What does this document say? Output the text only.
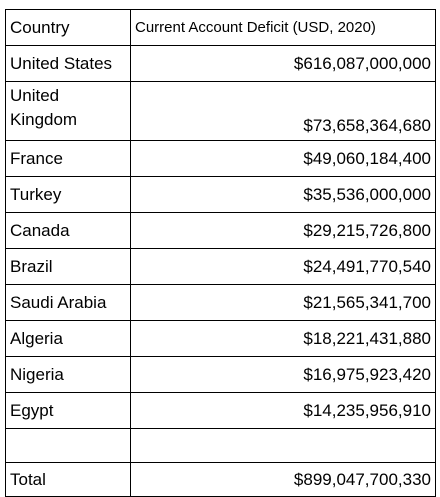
Country	Current Account Deficit (USD, 2020)
United States	$616,087,000,000
United Kingdom	$73,658,364,680
France	$49,060,184,400
Turkey	$35,536,000,000
Canada	$29,215,726,800
Brazil	$24,491,770,540
Saudi Arabia	$21,565,341,700
Algeria	$18,221,431,880
Nigeria	$16,975,923,420
Egypt	$14,235,956,910

Total	$899,047,700,330
